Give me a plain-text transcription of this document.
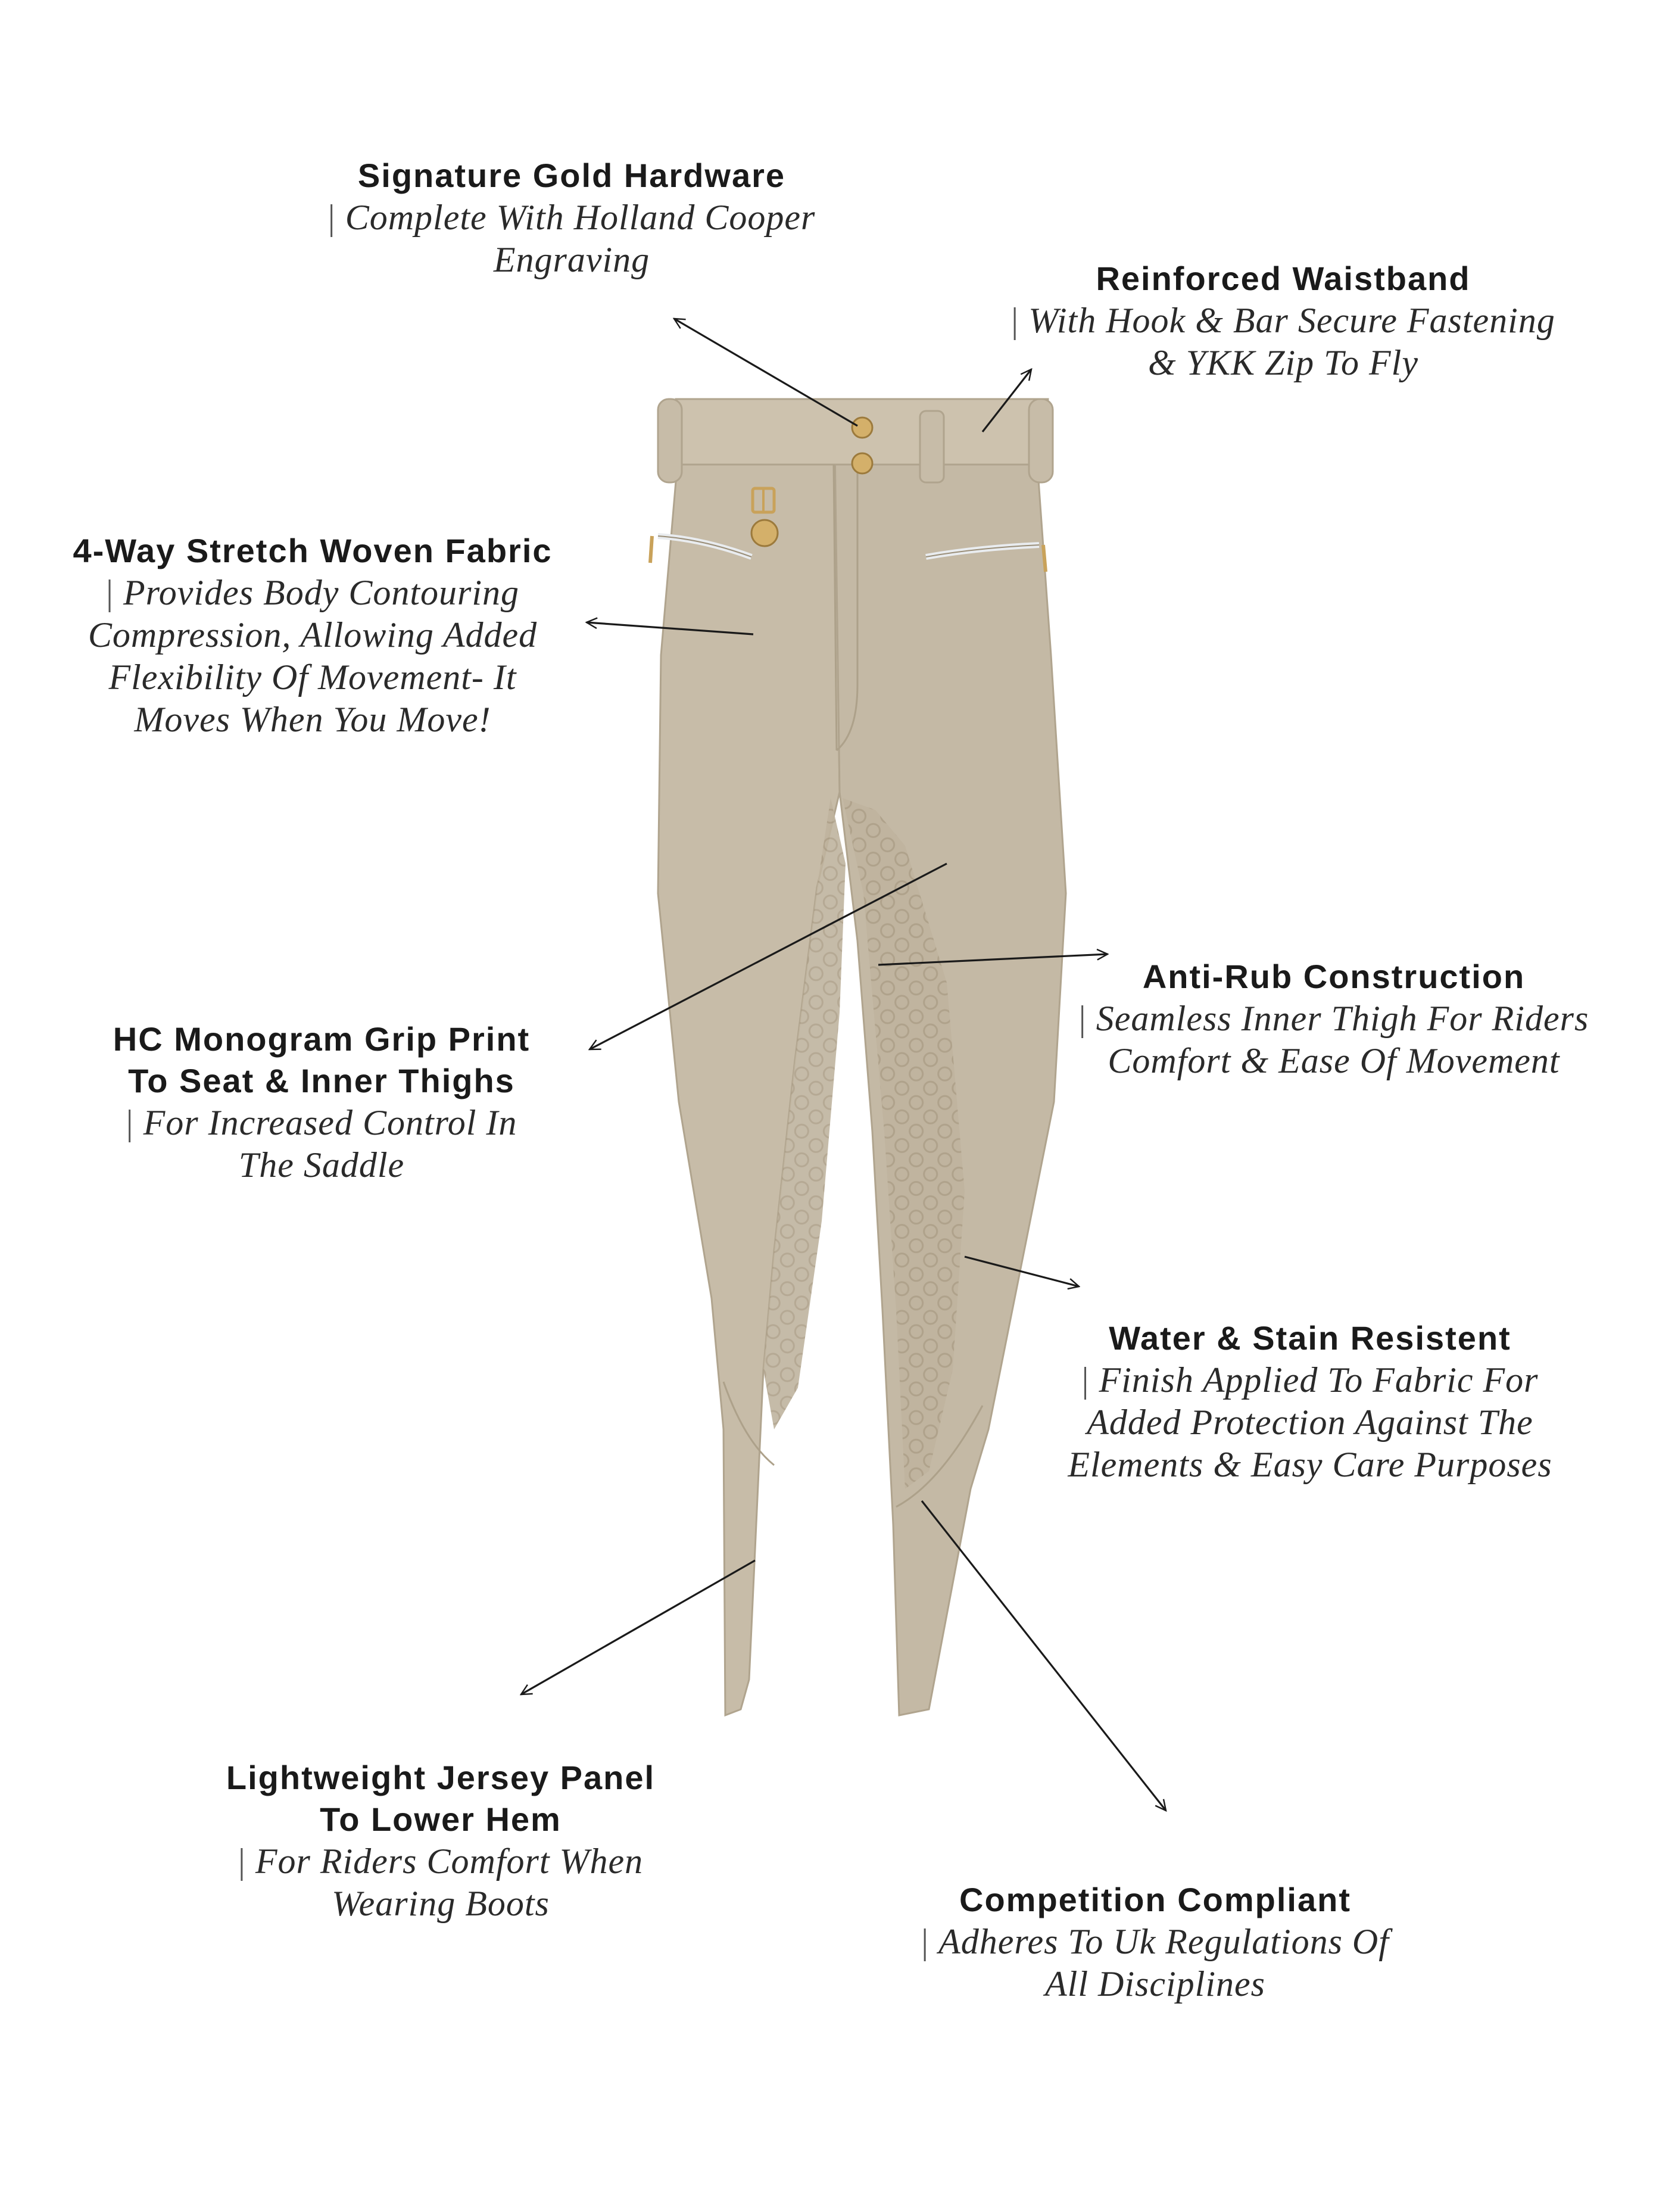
Signature Gold Hardware
| Complete With Holland Cooper
Engraving	Reinforced Waistband
| With Hook & Bar Secure Fastening
& YKK Zip To Fly
4-Way Stretch Woven Fabric
| Provides Body Contouring
Compression, Allowing Added
Flexibility Of Movement- It
Moves When You Move!
Anti-Rub Construction
| Seamless Inner Thigh For Riders
Comfort & Ease Of Movement
HC Monogram Grip Print
To Seat & Inner Thighs
| For Increased Control In
The Saddle
Water & Stain Resistent
| Finish Applied To Fabric For
Added Protection Against The
Elements & Easy Care Purposes
Lightweight Jersey Panel
To Lower Hem
| For Riders Comfort When
Wearing Boots	Competition Compliant
| Adheres To Uk Regulations Of
All Disciplines
